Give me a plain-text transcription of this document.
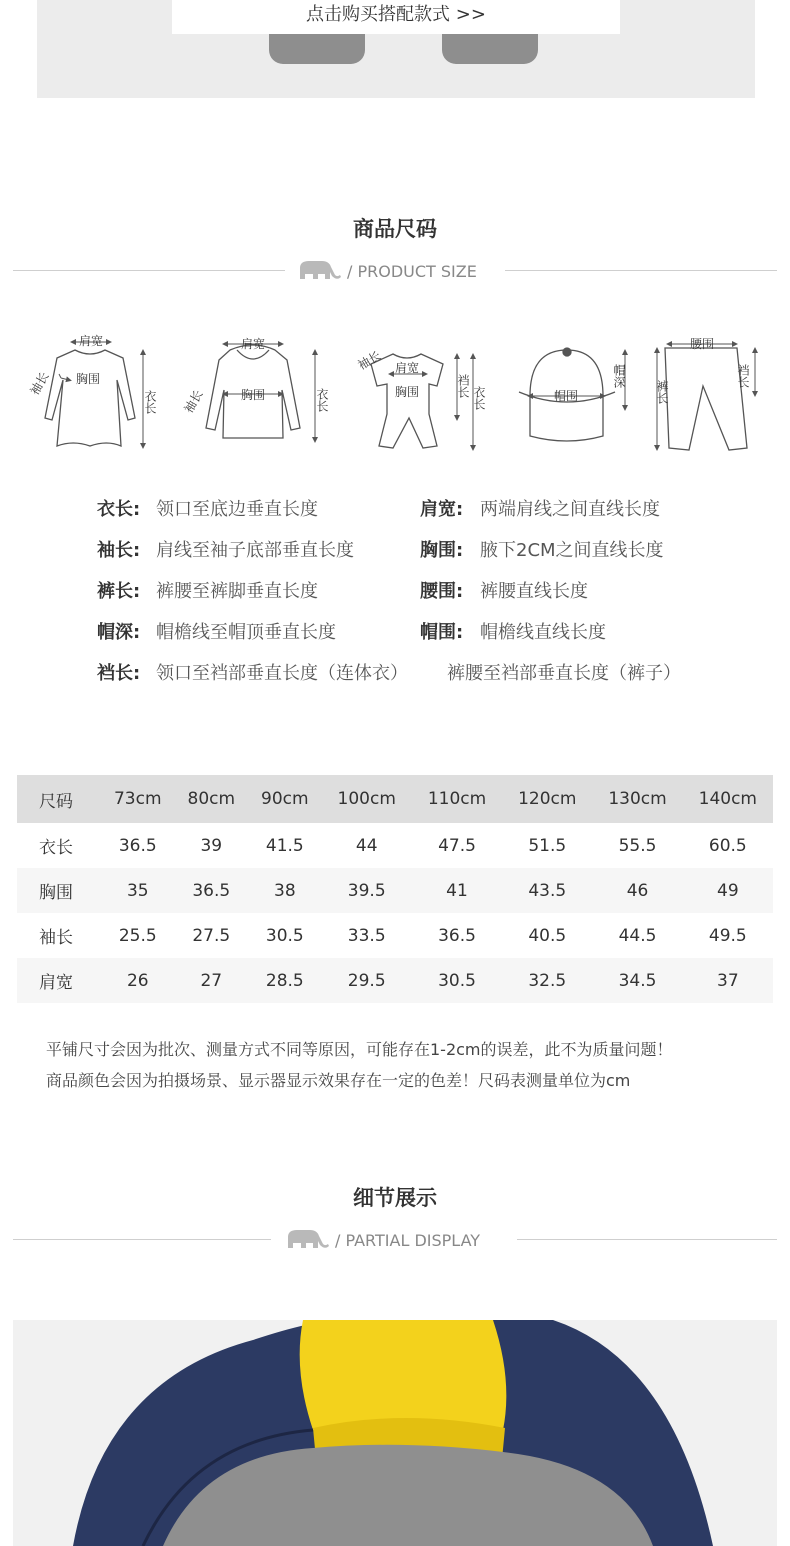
点击购买搭配款式 >>
商品尺码
/ PRODUCT SIZE
肩宽
胸围
袖长
衣长
肩宽
胸围
袖长	衣长
袖长 肩宽
胸围	裆长 衣长	帽围
帽深
腰围
裤长
裆长
衣长: 领口至底边垂直长度	肩宽: 两端肩线之间直线长度
袖长: 肩线至袖子底部垂直长度	胸围: 腋下2CM之间直线长度
裤长: 裤腰至裤脚垂直长度	腰围: 裤腰直线长度
帽深: 帽檐线至帽顶垂直长度	帽围: 帽檐线直线长度
裆长: 领口至裆部垂直长度（连体衣） 裤腰至裆部垂直长度（裤子）
尺码	73cm	80cm	90cm	100cm	110cm	120cm	130cm	140cm
衣长	36.5	39	41.5	44	47.5	51.5	55.5	60.5
胸围	35	36.5	38	39.5	41	43.5	46	49
袖长	25.5	27.5	30.5	33.5	36.5	40.5	44.5	49.5
肩宽	26	27	28.5	29.5	30.5	32.5	34.5	37
平铺尺寸会因为批次、测量方式不同等原因，可能存在1-2cm的误差，此不为质量问题！
商品颜色会因为拍摄场景、显示器显示效果存在一定的色差！尺码表测量单位为cm
细节展示
/ PARTIAL DISPLAY
